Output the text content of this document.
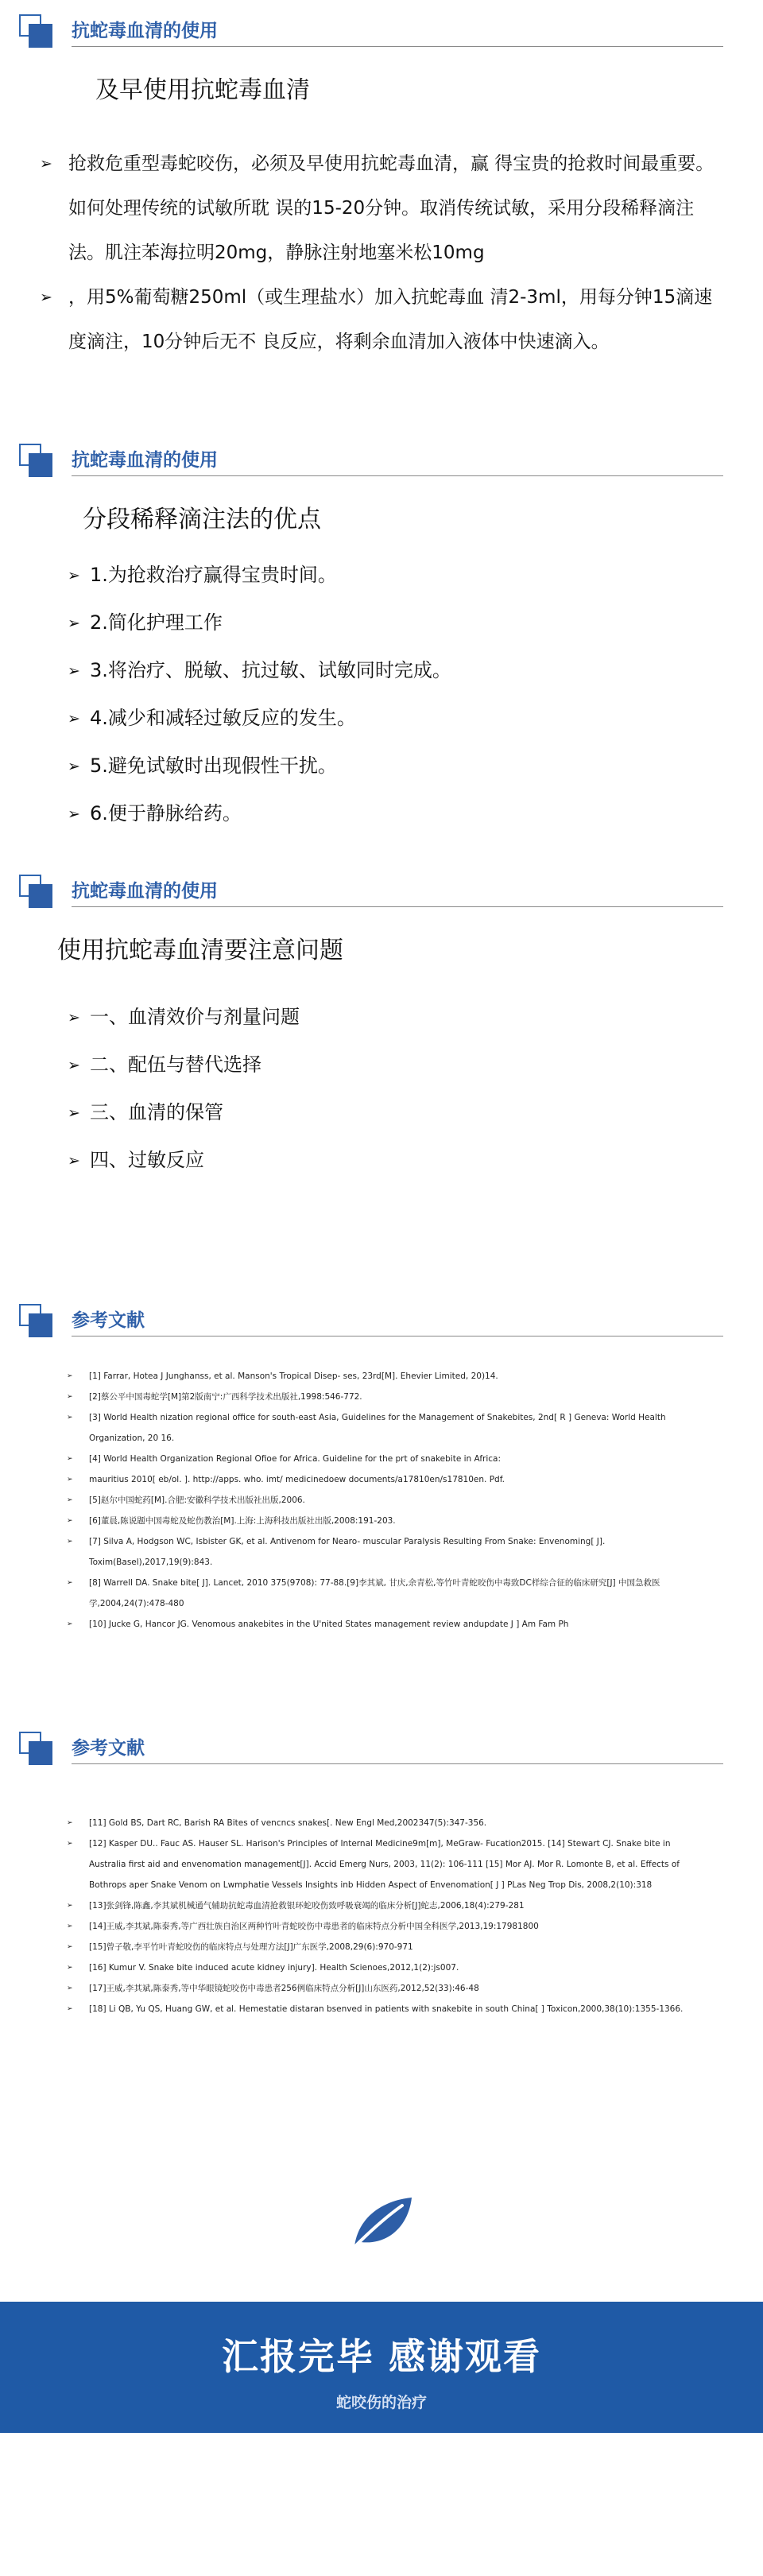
抗蛇毒血清的使用
及早使用抗蛇毒血清
➢ 抢救危重型毒蛇咬伤，必须及早使用抗蛇毒血清，赢 得宝贵的抢救时间最重要。如何处理传统的试敏所耽 误的15-20分钟。取消传统试敏，采用分段稀释滴注 法。肌注苯海拉明20mg，静脉注射地塞米松10mg
➢ ，用5%葡萄糖250ml（或生理盐水）加入抗蛇毒血 清2-3ml，用每分钟15滴速度滴注，10分钟后无不 良反应，将剩余血清加入液体中快速滴入。
抗蛇毒血清的使用
分段稀释滴注法的优点
➢ 1.为抢救治疗赢得宝贵时间。
➢ 2.简化护理工作
➢ 3.将治疗、脱敏、抗过敏、试敏同时完成。
➢ 4.减少和减轻过敏反应的发生。
➢ 5.避免试敏时出现假性干扰。
➢ 6.便于静脉给药。
抗蛇毒血清的使用
使用抗蛇毒血清要注意问题
➢ 一、血清效价与剂量问题
➢ 二、配伍与替代选择
➢ 三、血清的保管
➢ 四、过敏反应
参考文献
➢ [1] Farrar, Hotea J Junghanss, et al. Manson's Tropical Disep- ses, 23rd[M]. Ehevier Limited, 20)14.
➢ [2]蔡公平中国毒蛇学[M]第2版南宁:广西科学技术出版社,1998:546-772.
➢ [3] World Health nization regional office for south-east Asia, Guidelines for the Management of Snakebites, 2nd[ R ] Geneva: World Health Organization, 20 16.
➢ [4] World Health Organization Regional Ofioe for Africa. Guideline for the prt of snakebite in Africa:
➢ mauritius 2010[ eb/ol. ]. http://apps. who. imt/ medicinedoew documents/a17810en/s17810en. Pdf.
➢ [5]赵尔中国蛇药[M].合肥:安徽科学技术出版社出版,2006.
➢ [6]董晨,陈说题中国毒蛇及蛇伤教治[M].上海:上海科技出版社出版,2008:191-203.
➢ [7] Silva A, Hodgson WC, Isbister GK, et al. Antivenom for Nearo- muscular Paralysis Resulting From Snake: Envenoming[ J]. Toxim(Basel),2017,19(9):843.
➢ [8] Warrell DA. Snake bite[ J]. Lancet, 2010 375(9708): 77-88.[9]李其斌, 甘庆,余青松,等竹叶青蛇咬伤中毒致DC样综合征的临床研究[J] 中国急救医学,2004,24(7):478-480
➢ [10] Jucke G, Hancor JG. Venomous anakebites in the U'nited States management review andupdate J ] Am Fam Ph
参考文献
➢ [11] Gold BS, Dart RC, Barish RA Bites of vencncs snakes[. New Engl Med,2002347(5):347-356.
➢ [12] Kasper DU.. Fauc AS. Hauser SL. Harison's Principles of Internal Medicine9m[m], MeGraw- Fucation2015. [14] Stewart CJ. Snake bite in Australia first aid and envenomation management[J]. Accid Emerg Nurs, 2003, 11(2): 106-111 [15] Mor AJ. Mor R. Lomonte B, et al. Effects of Bothrops aper Snake Venom on Lwmphatie Vessels Insights inb Hidden Aspect of Envenomation[ J ] PLas Neg Trop Dis, 2008,2(10):318
➢ [13]张剑锋,陈鑫,李其斌机械通气辅助抗蛇毒血清抢救银环蛇咬伤致呼吸衰竭的临床分析[J]蛇志,2006,18(4):279-281
➢ [14]王威,李其斌,陈泰秀,等广西壮族自治区两种竹叶青蛇咬伤中毒患者的临床特点分析中国全科医学,2013,19:17981800
➢ [15]曾子敬,李平竹叶青蛇咬伤的临床特点与处理方法[J]广东医学,2008,29(6):970-971
➢ [16] Kumur V. Snake bite induced acute kidney injury]. Health Scienoes,2012,1(2):js007.
➢ [17]王威,李其斌,陈泰秀,等中华眼镜蛇咬伤中毒患者256例临床特点分析[J]山东医药,2012,52(33):46-48
➢ [18] Li QB, Yu QS, Huang GW, et al. Hemestatie distaran bsenved in patients with snakebite in south China[ ] Toxicon,2000,38(10):1355-1366.
汇报完毕 感谢观看
蛇咬伤的治疗
